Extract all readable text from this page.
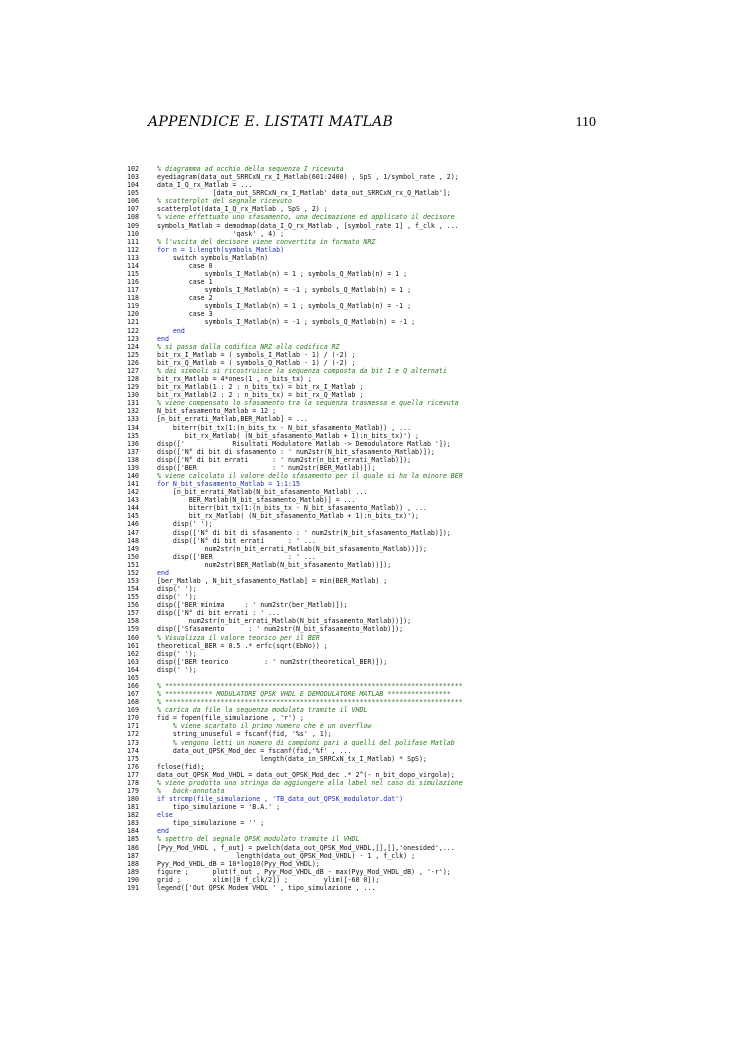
APPENDICE E. LISTATI MATLAB	110
102	% diagramma ad occhio della sequenza I ricevuta
103	eyediagram(data_out_SRRCxN_rx_I_Matlab(601:2400) , SpS , 1/symbol_rate , 2);
104	data_I_Q_rx_Matlab = ...
105	[data_out_SRRCxN_rx_I_Matlab' data_out_SRRCxN_rx_Q_Matlab'];
106	% scatterplot del segnale ricevuto
107	scatterplot(data_I_Q_rx_Matlab , SpS , 2) ;
108	% viene effettuato uno sfasamento, una decimazione ed applicato il decisore
109	symbols_Matlab = demodmap(data_I_Q_rx_Matlab , [symbol_rate 1] , f_clk , ...
110	'qask' , 4) ;
111	% l'uscita del decisore viene convertita in formato NRZ
112	for n = 1:length(symbols_Matlab)
113	switch symbols_Matlab(n)
114	case 0
115	symbols_I_Matlab(n) = 1 ; symbols_Q_Matlab(n) = 1 ;
116	case 1
117	symbols_I_Matlab(n) = -1 ; symbols_Q_Matlab(n) = 1 ;
118	case 2
119	symbols_I_Matlab(n) = 1 ; symbols_Q_Matlab(n) = -1 ;
120	case 3
121	symbols_I_Matlab(n) = -1 ; symbols_Q_Matlab(n) = -1 ;
122	end
123	end
124	% si passa dalla codifica NRZ alla codifica RZ
125	bit_rx_I_Matlab = ( symbols_I_Matlab - 1) / (-2) ;
126	bit_rx_Q_Matlab = ( symbols_Q_Matlab - 1) / (-2) ;
127	% dai simboli si ricostruisce la sequenza composta da bit I e Q alternati
128	bit_rx_Matlab = 4*ones(1 , n_bits_tx) ;
129	bit_rx_Matlab(1 : 2 : n_bits_tx) = bit_rx_I_Matlab ;
130	bit_rx_Matlab(2 : 2 : n_bits_tx) = bit_rx_Q_Matlab ;
131	% viene compensato lo sfasamento tra la sequenza trasmessa e quella ricevuta
132	N_bit_sfasamento_Matlab = 12 ;
133	[n_bit_errati_Matlab,BER_Matlab] = ...
134	biterr(bit_tx(1:(n_bits_tx - N_bit_sfasamento_Matlab)) , ...
135	bit_rx_Matlab( (N_bit_sfasamento_Matlab + 1):n_bits_tx)') ;
136	disp(['            Risultati Modulatore Matlab -> Demodulatore Matlab ']);
137	disp(['N° di bit di sfasamento : ' num2str(N_bit_sfasamento_Matlab)]);
138	disp(['N° di bit errati      : ' num2str(n_bit_errati_Matlab)]);
139	disp(['BER                   : ' num2str(BER_Matlab)]);
140	% viene calcolato il valore dello sfasamento per il quale si ha la minore BER
141	for N_bit_sfasamento_Matlab = 1:1:15
142	[n_bit_errati_Matlab(N_bit_sfasamento_Matlab) ...
143	BER_Matlab(N_bit_sfasamento_Matlab)] = ...
144	biterr(bit_tx(1:(n_bits_tx - N_bit_sfasamento_Matlab)) , ...
145	bit_rx_Matlab( (N_bit_sfasamento_Matlab + 1):n_bits_tx)');
146	disp(' ');
147	disp(['N° di bit di sfasamento : ' num2str(N_bit_sfasamento_Matlab)]);
148	disp(['N° di bit errati      : ' ...
149	num2str(n_bit_errati_Matlab(N_bit_sfasamento_Matlab))]);
150	disp(['BER                   : ' ...
151	num2str(BER_Matlab(N_bit_sfasamento_Matlab))]);
152	end
153	[ber_Matlab , N_bit_sfasamento_Matlab] = min(BER_Matlab) ;
154	disp(' ');
155	disp(' ');
156	disp(['BER minima     : ' num2str(ber_Matlab)]);
157	disp(['N° di bit errati : ' ...
158	num2str(n_bit_errati_Matlab(N_bit_sfasamento_Matlab))]);
159	disp(['Sfasamento      : ' num2str(N_bit_sfasamento_Matlab)]);
160	% Visualizza il valore teorico per il BER
161	theoretical_BER = 0.5 .* erfc(sqrt(EbNo)) ;
162	disp(' ');
163	disp(['BER teorico         : ' num2str(theoretical_BER)]);
164	disp(' ');
165
166	% ***************************************************************************
167	% ************ MODULATORE QPSK VHDL E DEMODULATORE MATLAB ****************
168	% ***************************************************************************
169	% carica da file la sequenza modulata tramite il VHDL
170	fid = fopen(file_simulazione , 'r') ;
171	% viene scartato il primo numero che è un overflow
172	string_unuseful = fscanf(fid, '%s' , 1);
173	% vengono letti un numero di campioni pari a quelli del polifase Matlab
174	data_out_QPSK_Mod_dec = fscanf(fid,'%f' , ...
175	length(data_in_SRRCxN_tx_I_Matlab) * SpS);
176	fclose(fid);
177	data_out_QPSK_Mod_VHDL = data_out_QPSK_Mod_dec .* 2^(- n_bit_dopo_virgola);
178	% viene prodotta una stringa da aggiungere alla label nel caso di simulazione
179	%   back-annotata
180	if strcmp(file_simulazione , 'TB_data_out_QPSK_modulator.dat')
181	tipo_simulazione = 'B.A.' ;
182	else
183	tipo_simulazione = '' ;
184	end
185	% spettro del segnale QPSK modulato tramite il VHDL
186	[Pyy_Mod_VHDL , f_out] = pwelch(data_out_QPSK_Mod_VHDL,[],[],'onesided',...
187	length(data_out_QPSK_Mod_VHDL) - 1 , f_clk) ;
188	Pyy_Mod_VHDL_dB = 10*log10(Pyy_Mod_VHDL);
189	figure ;      plot(f_out , Pyy_Mod_VHDL_dB - max(Pyy_Mod_VHDL_dB) , '-r');
190	grid ;        xlim([0 f_clk/2]) ;         ylim([-60 0]);
191	legend(['Out QPSK Modem VHDL ' , tipo_simulazione , ...
